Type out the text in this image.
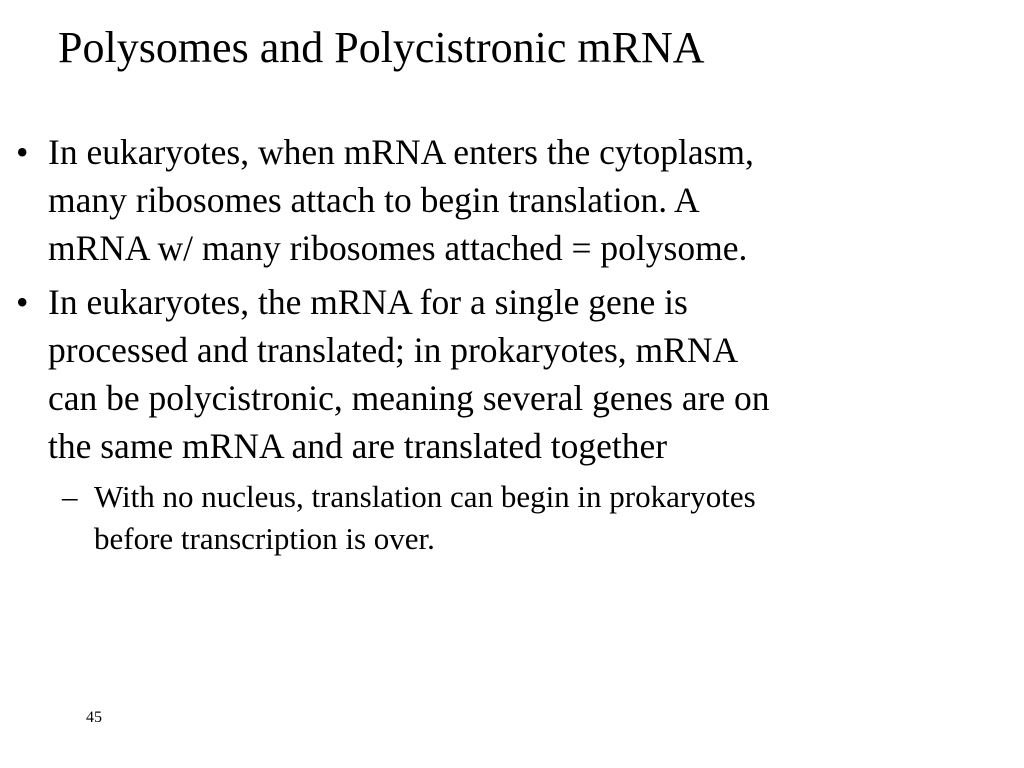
Polysomes and Polycistronic mRNA
• In eukaryotes, when mRNA enters the cytoplasm,
many ribosomes attach to begin translation. A
mRNA w/ many ribosomes attached = polysome.
• In eukaryotes, the mRNA for a single gene is
processed and translated; in prokaryotes, mRNA
can be polycistronic, meaning several genes are on
the same mRNA and are translated together
– With no nucleus, translation can begin in prokaryotes
before transcription is over.
45
